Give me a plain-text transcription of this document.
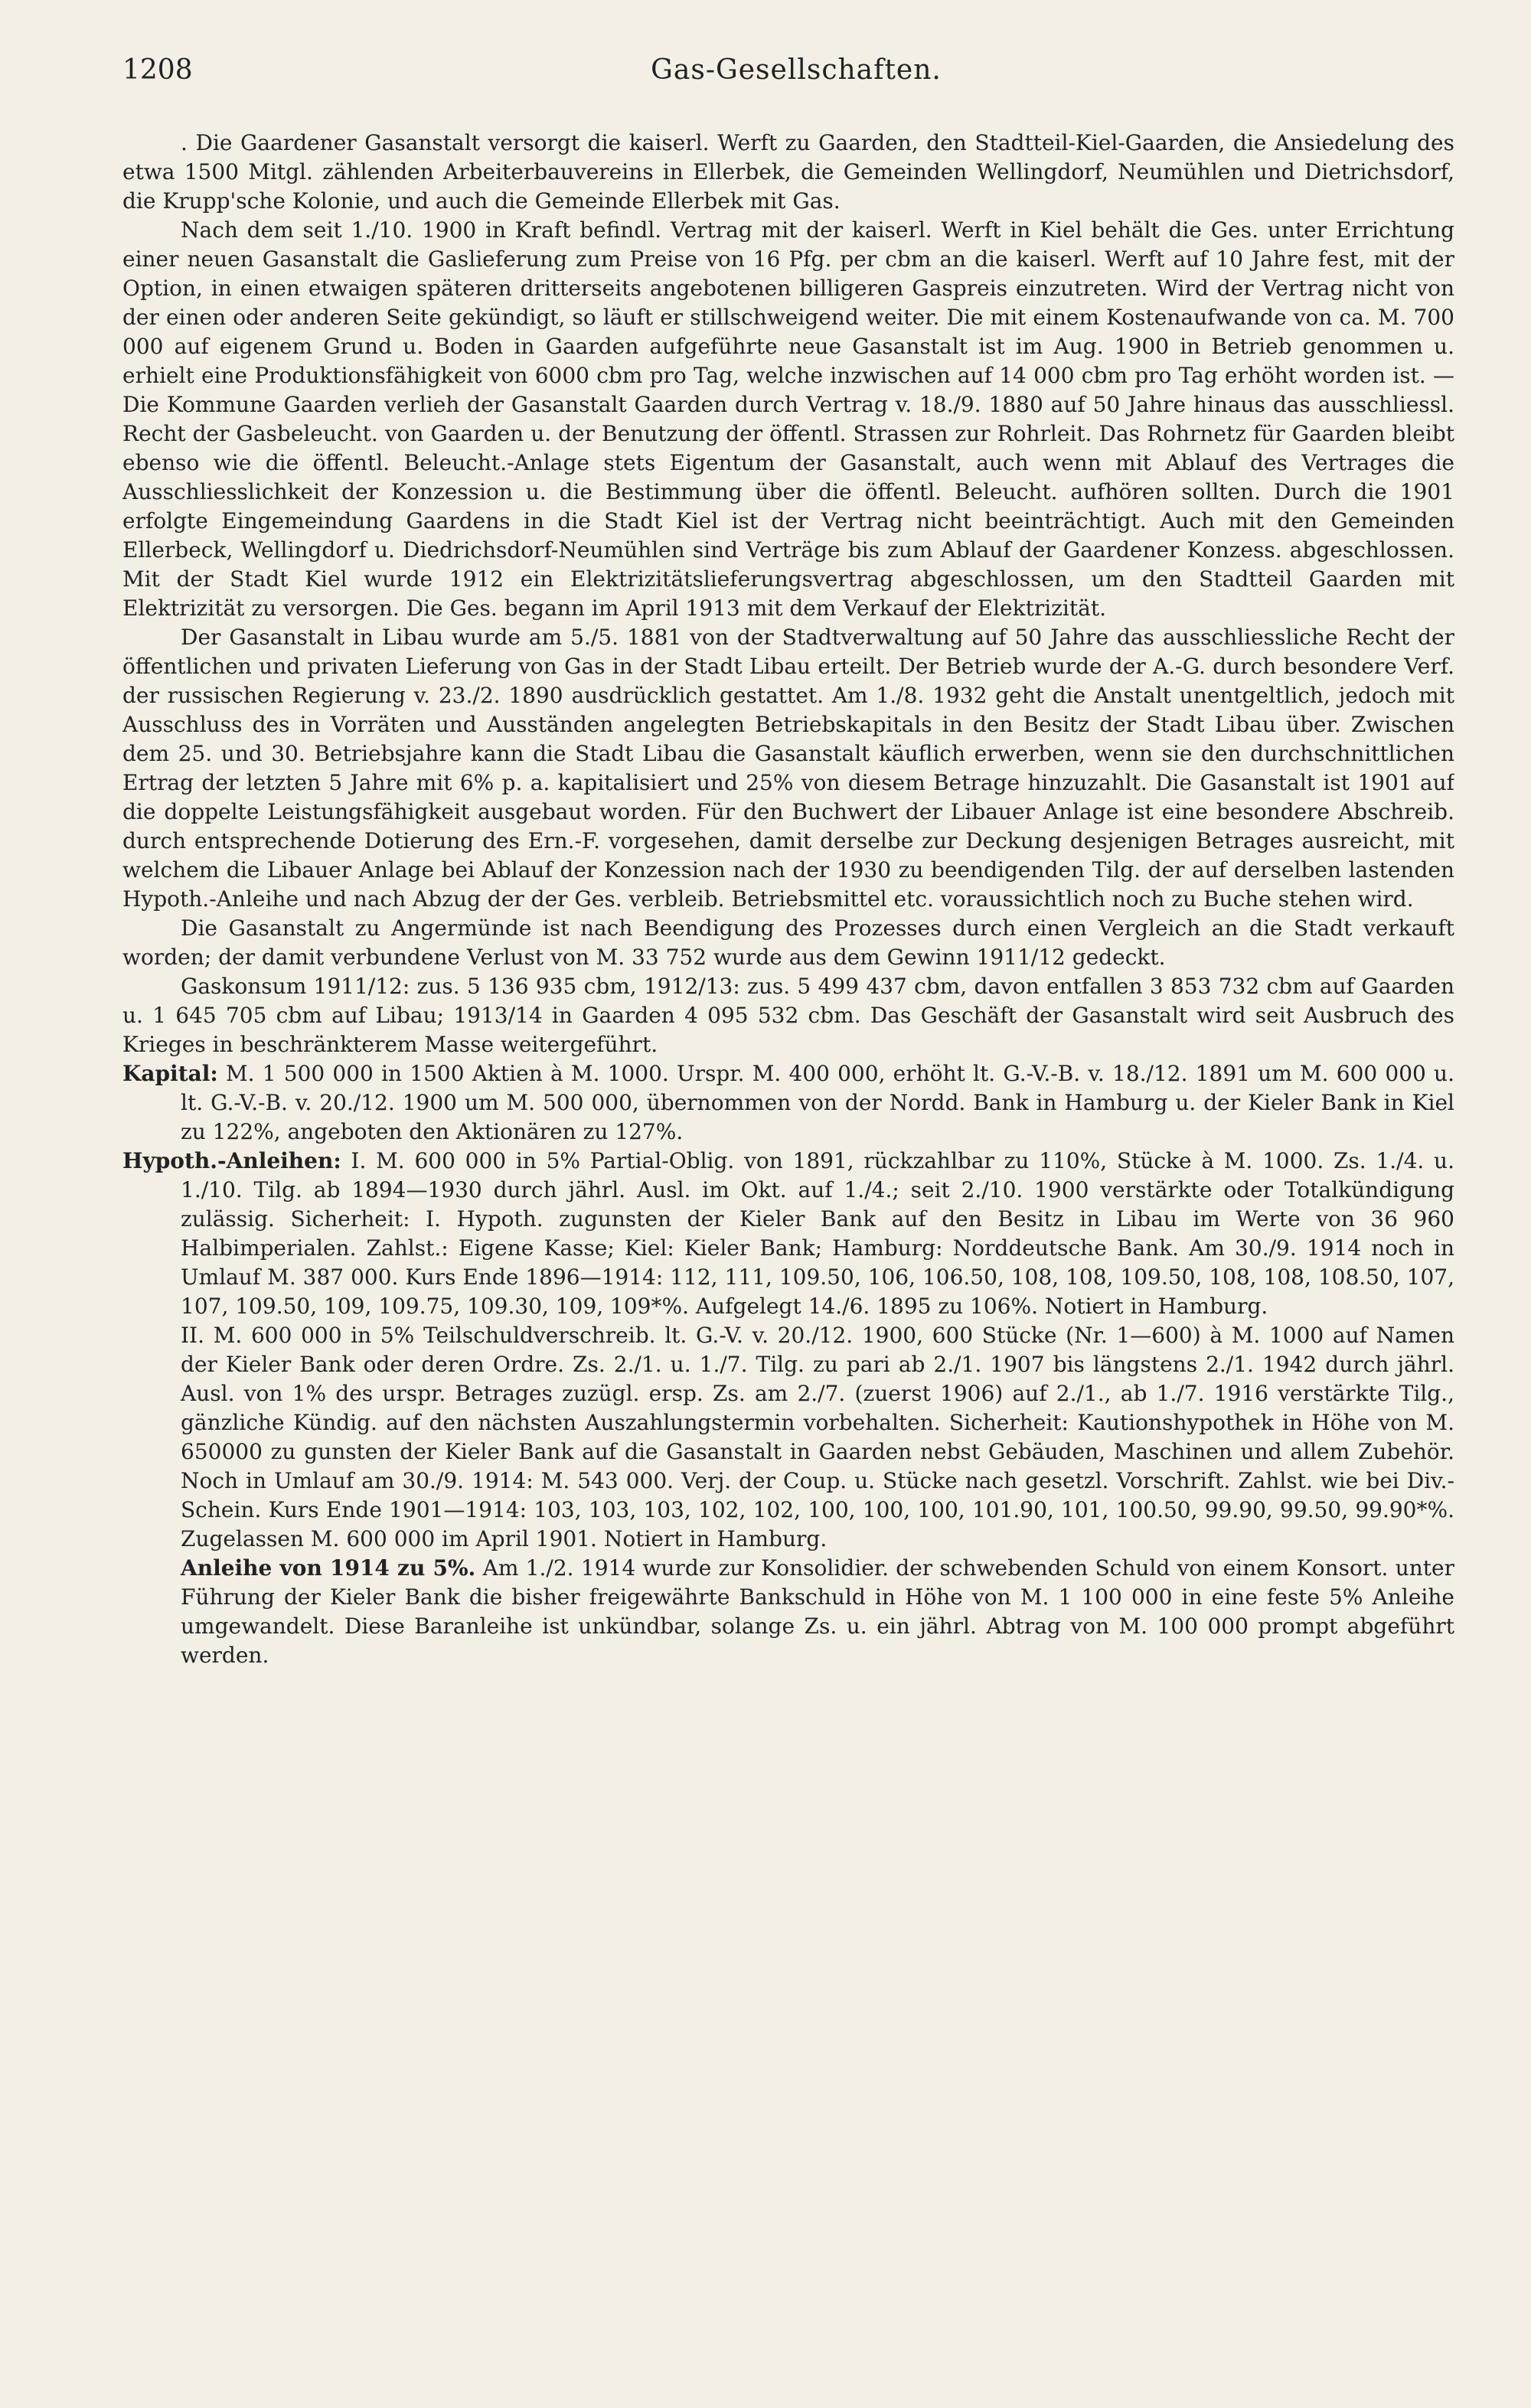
1208	Gas-Gesellschaften.

. Die Gaardener Gasanstalt versorgt die kaiserl. Werft zu Gaarden, den Stadtteil-Kiel-Gaarden, die Ansiedelung des etwa 1500 Mitgl. zählenden Arbeiterbauvereins in Ellerbek, die Gemeinden Wellingdorf, Neumühlen und Dietrichsdorf, die Krupp'sche Kolonie, und auch die Gemeinde Ellerbek mit Gas.

Nach dem seit 1./10. 1900 in Kraft befindl. Vertrag mit der kaiserl. Werft in Kiel behält die Ges. unter Errichtung einer neuen Gasanstalt die Gaslieferung zum Preise von 16 Pfg. per cbm an die kaiserl. Werft auf 10 Jahre fest, mit der Option, in einen etwaigen späteren dritterseits angebotenen billigeren Gaspreis einzutreten. Wird der Vertrag nicht von der einen oder anderen Seite gekündigt, so läuft er stillschweigend weiter. Die mit einem Kostenaufwande von ca. M. 700 000 auf eigenem Grund u. Boden in Gaarden aufgeführte neue Gasanstalt ist im Aug. 1900 in Betrieb genommen u. erhielt eine Produktionsfähigkeit von 6000 cbm pro Tag, welche inzwischen auf 14 000 cbm pro Tag erhöht worden ist. — Die Kommune Gaarden verlieh der Gasanstalt Gaarden durch Vertrag v. 18./9. 1880 auf 50 Jahre hinaus das ausschliessl. Recht der Gasbeleucht. von Gaarden u. der Benutzung der öffentl. Strassen zur Rohrleit. Das Rohrnetz für Gaarden bleibt ebenso wie die öffentl. Beleucht.-Anlage stets Eigentum der Gasanstalt, auch wenn mit Ablauf des Vertrages die Ausschliesslichkeit der Konzession u. die Bestimmung über die öffentl. Beleucht. aufhören sollten. Durch die 1901 erfolgte Eingemeindung Gaardens in die Stadt Kiel ist der Vertrag nicht beeinträchtigt. Auch mit den Gemeinden Ellerbeck, Wellingdorf u. Diedrichsdorf-Neumühlen sind Verträge bis zum Ablauf der Gaardener Konzess. abgeschlossen. Mit der Stadt Kiel wurde 1912 ein Elektrizitätslieferungsvertrag abgeschlossen, um den Stadtteil Gaarden mit Elektrizität zu versorgen. Die Ges. begann im April 1913 mit dem Verkauf der Elektrizität.

Der Gasanstalt in Libau wurde am 5./5. 1881 von der Stadtverwaltung auf 50 Jahre das ausschliessliche Recht der öffentlichen und privaten Lieferung von Gas in der Stadt Libau erteilt. Der Betrieb wurde der A.-G. durch besondere Verf. der russischen Regierung v. 23./2. 1890 ausdrücklich gestattet. Am 1./8. 1932 geht die Anstalt unentgeltlich, jedoch mit Ausschluss des in Vorräten und Ausständen angelegten Betriebskapitals in den Besitz der Stadt Libau über. Zwischen dem 25. und 30. Betriebsjahre kann die Stadt Libau die Gasanstalt käuflich erwerben, wenn sie den durchschnittlichen Ertrag der letzten 5 Jahre mit 6% p. a. kapitalisiert und 25% von diesem Betrage hinzuzahlt. Die Gasanstalt ist 1901 auf die doppelte Leistungsfähigkeit ausgebaut worden. Für den Buchwert der Libauer Anlage ist eine besondere Abschreib. durch entsprechende Dotierung des Ern.-F. vorgesehen, damit derselbe zur Deckung desjenigen Betrages ausreicht, mit welchem die Libauer Anlage bei Ablauf der Konzession nach der 1930 zu beendigenden Tilg. der auf derselben lastenden Hypoth.-Anleihe und nach Abzug der der Ges. verbleib. Betriebsmittel etc. voraussichtlich noch zu Buche stehen wird.

Die Gasanstalt zu Angermünde ist nach Beendigung des Prozesses durch einen Vergleich an die Stadt verkauft worden; der damit verbundene Verlust von M. 33 752 wurde aus dem Gewinn 1911/12 gedeckt.

Gaskonsum 1911/12: zus. 5 136 935 cbm, 1912/13: zus. 5 499 437 cbm, davon entfallen 3 853 732 cbm auf Gaarden u. 1 645 705 cbm auf Libau; 1913/14 in Gaarden 4 095 532 cbm. Das Geschäft der Gasanstalt wird seit Ausbruch des Krieges in beschränkterem Masse weitergeführt.

Kapital: M. 1 500 000 in 1500 Aktien à M. 1000. Urspr. M. 400 000, erhöht lt. G.-V.-B. v. 18./12. 1891 um M. 600 000 u. lt. G.-V.-B. v. 20./12. 1900 um M. 500 000, übernommen von der Nordd. Bank in Hamburg u. der Kieler Bank in Kiel zu 122%, angeboten den Aktionären zu 127%.

Hypoth.-Anleihen: I. M. 600 000 in 5% Partial-Oblig. von 1891, rückzahlbar zu 110%, Stücke à M. 1000. Zs. 1./4. u. 1./10. Tilg. ab 1894—1930 durch jährl. Ausl. im Okt. auf 1./4.; seit 2./10. 1900 verstärkte oder Totalkündigung zulässig. Sicherheit: I. Hypoth. zugunsten der Kieler Bank auf den Besitz in Libau im Werte von 36 960 Halbimperialen. Zahlst.: Eigene Kasse; Kiel: Kieler Bank; Hamburg: Norddeutsche Bank. Am 30./9. 1914 noch in Umlauf M. 387 000. Kurs Ende 1896—1914: 112, 111, 109.50, 106, 106.50, 108, 108, 109.50, 108, 108, 108.50, 107, 107, 109.50, 109, 109.75, 109.30, 109, 109*%. Aufgelegt 14./6. 1895 zu 106%. Notiert in Hamburg.

II. M. 600 000 in 5% Teilschuldverschreib. lt. G.-V. v. 20./12. 1900, 600 Stücke (Nr. 1—600) à M. 1000 auf Namen der Kieler Bank oder deren Ordre. Zs. 2./1. u. 1./7. Tilg. zu pari ab 2./1. 1907 bis längstens 2./1. 1942 durch jährl. Ausl. von 1% des urspr. Betrages zuzügl. ersp. Zs. am 2./7. (zuerst 1906) auf 2./1., ab 1./7. 1916 verstärkte Tilg., gänzliche Kündig. auf den nächsten Auszahlungstermin vorbehalten. Sicherheit: Kautionshypothek in Höhe von M. 650000 zu gunsten der Kieler Bank auf die Gasanstalt in Gaarden nebst Gebäuden, Maschinen und allem Zubehör. Noch in Umlauf am 30./9. 1914: M. 543 000. Verj. der Coup. u. Stücke nach gesetzl. Vorschrift. Zahlst. wie bei Div.-Schein. Kurs Ende 1901—1914: 103, 103, 103, 102, 102, 100, 100, 100, 101.90, 101, 100.50, 99.90, 99.50, 99.90*%. Zugelassen M. 600 000 im April 1901. Notiert in Hamburg.

Anleihe von 1914 zu 5%. Am 1./2. 1914 wurde zur Konsolidier. der schwebenden Schuld von einem Konsort. unter Führung der Kieler Bank die bisher freigewährte Bankschuld in Höhe von M. 1 100 000 in eine feste 5% Anleihe umgewandelt. Diese Baranleihe ist unkündbar, solange Zs. u. ein jährl. Abtrag von M. 100 000 prompt abgeführt werden.
